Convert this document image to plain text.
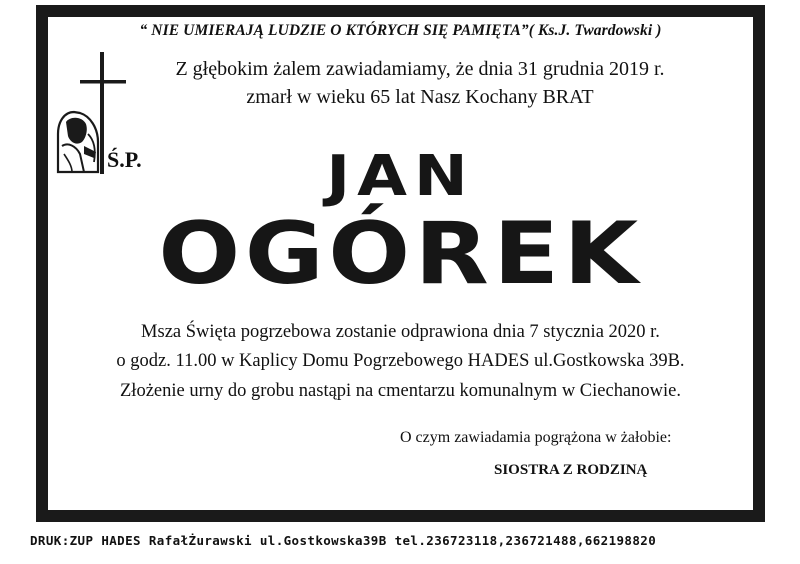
“ NIE UMIERAJĄ LUDZIE O KTÓRYCH SIĘ PAMIĘTA”( Ks.J. Twardowski )
Z głębokim żalem zawiadamiamy, że dnia 31 grudnia 2019 r.
zmarł w wieku 65 lat Nasz Kochany BRAT
Ś.P.	JAN
OGÓREK
Msza Święta pogrzebowa zostanie odprawiona dnia 7 stycznia 2020 r.
o godz. 11.00 w Kaplicy Domu Pogrzebowego HADES ul.Gostkowska 39B.
Złożenie urny do grobu nastąpi na cmentarzu komunalnym w Ciechanowie.
O czym zawiadamia pogrążona w żałobie:
SIOSTRA Z RODZINĄ
DRUK:ZUP HADES RafałŻurawski ul.Gostkowska39B tel.236723118,236721488,662198820
